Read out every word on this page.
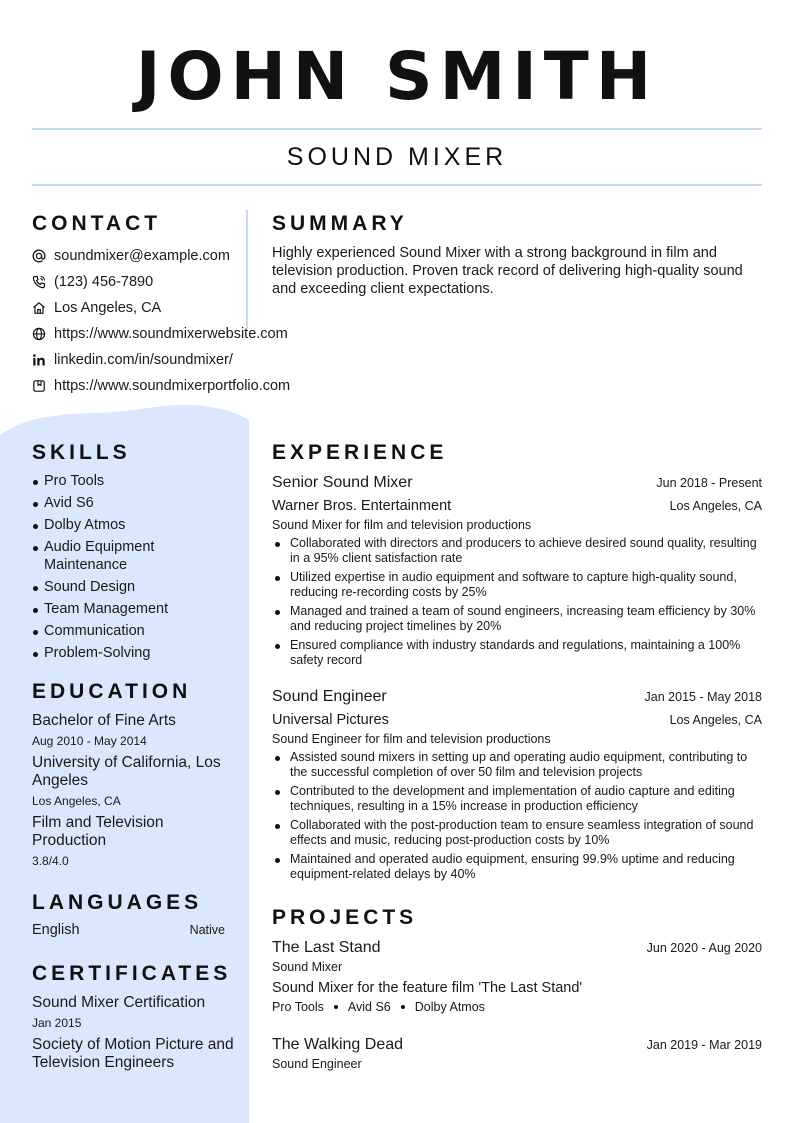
JOHN SMITH
SOUND MIXER
CONTACT
soundmixer@example.com
(123) 456-7890
Los Angeles, CA
https://www.soundmixerwebsite.com
linkedin.com/in/soundmixer/
https://www.soundmixerportfolio.com
SUMMARY

Highly experienced Sound Mixer with a strong background in film and television production. Proven track record of delivering high-quality sound and exceeding client expectations.

SKILLS
Pro Tools
Avid S6
Dolby Atmos
Audio Equipment Maintenance
Sound Design
Team Management
Communication
Problem-Solving
EDUCATION
Bachelor of Fine Arts
Aug 2010 - May 2014
University of California, Los Angeles
Los Angeles, CA
Film and Television Production
3.8/4.0
LANGUAGES
English	Native
CERTIFICATES
Sound Mixer Certification
Jan 2015
Society of Motion Picture and Television Engineers
EXPERIENCE
Senior Sound Mixer	Jun 2018 - Present
Warner Bros. Entertainment	Los Angeles, CA
Sound Mixer for film and television productions
Collaborated with directors and producers to achieve desired sound quality, resulting in a 95% client satisfaction rate
Utilized expertise in audio equipment and software to capture high-quality sound, reducing re-recording costs by 25%
Managed and trained a team of sound engineers, increasing team efficiency by 30% and reducing project timelines by 20%
Ensured compliance with industry standards and regulations, maintaining a 100% safety record
Sound Engineer	Jan 2015 - May 2018
Universal Pictures	Los Angeles, CA
Sound Engineer for film and television productions
Assisted sound mixers in setting up and operating audio equipment, contributing to the successful completion of over 50 film and television projects
Contributed to the development and implementation of audio capture and editing techniques, resulting in a 15% increase in production efficiency
Collaborated with the post-production team to ensure seamless integration of sound effects and music, reducing post-production costs by 10%
Maintained and operated audio equipment, ensuring 99.9% uptime and reducing equipment-related delays by 40%
PROJECTS
The Last Stand	Jun 2020 - Aug 2020
Sound Mixer
Sound Mixer for the feature film 'The Last Stand'
Pro Tools Avid S6 Dolby Atmos
The Walking Dead	Jan 2019 - Mar 2019
Sound Engineer
